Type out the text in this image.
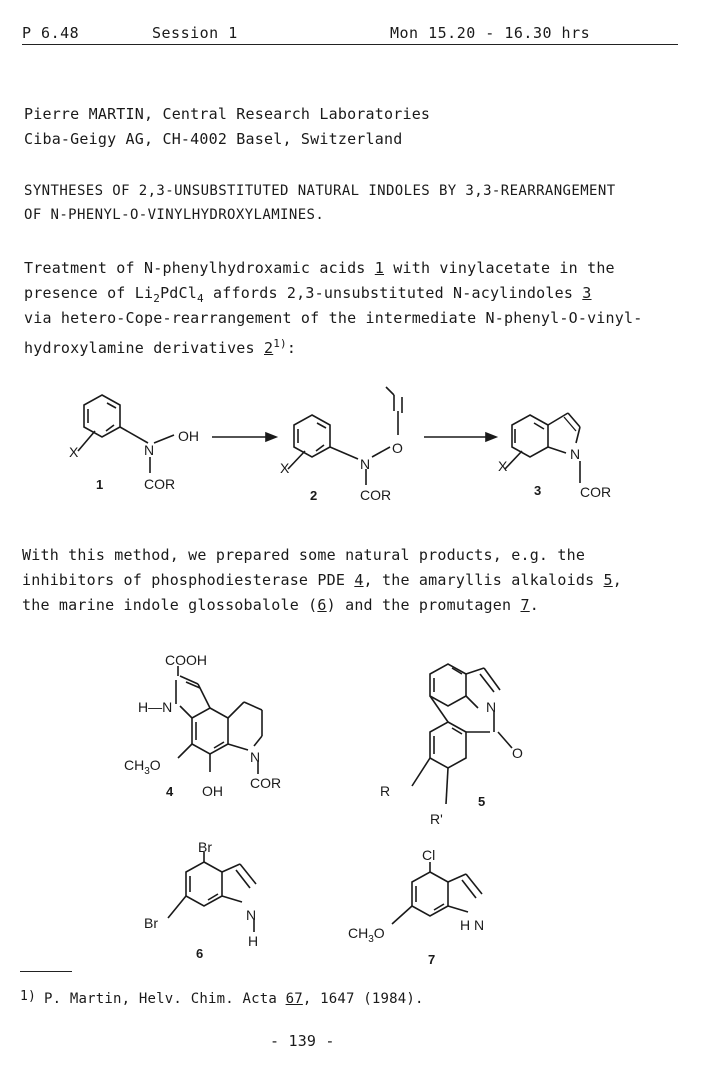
P 6.48	Session 1	Mon 15.20 - 16.30 hrs
Pierre MARTIN, Central Research Laboratories
Ciba-Geigy AG, CH-4002 Basel, Switzerland
SYNTHESES OF 2,3-UNSUBSTITUTED NATURAL INDOLES BY 3,3-REARRANGEMENT
OF N-PHENYL-O-VINYLHYDROXYLAMINES.
Treatment of N-phenylhydroxamic acids 1 with vinylacetate in the
presence of $Li_2PdCl_4$ affords 2,3-unsubstituted N-acylindoles 3
via hetero-Cope-rearrangement of the intermediate N-phenyl-O-vinyl-
hydroxylamine derivatives 2$^{1)}$:
X	N
OH
COR
1
X	N
O
COR
2
X
N
COR
3
With this method, we prepared some natural products, e.g. the
inhibitors of phosphodiesterase PDE 4, the amaryllis alkaloids 5,
the marine indole glossobalole (6) and the promutagen 7.
COOH
H—N
$CH_3O$	N
COR
OH
4
N
O
R
R'
5
Br
Br	N
H
6
Cl
$CH_3O$	N
H
7
1) P. Martin, Helv. Chim. Acta 67, 1647 (1984).
- 139 -
